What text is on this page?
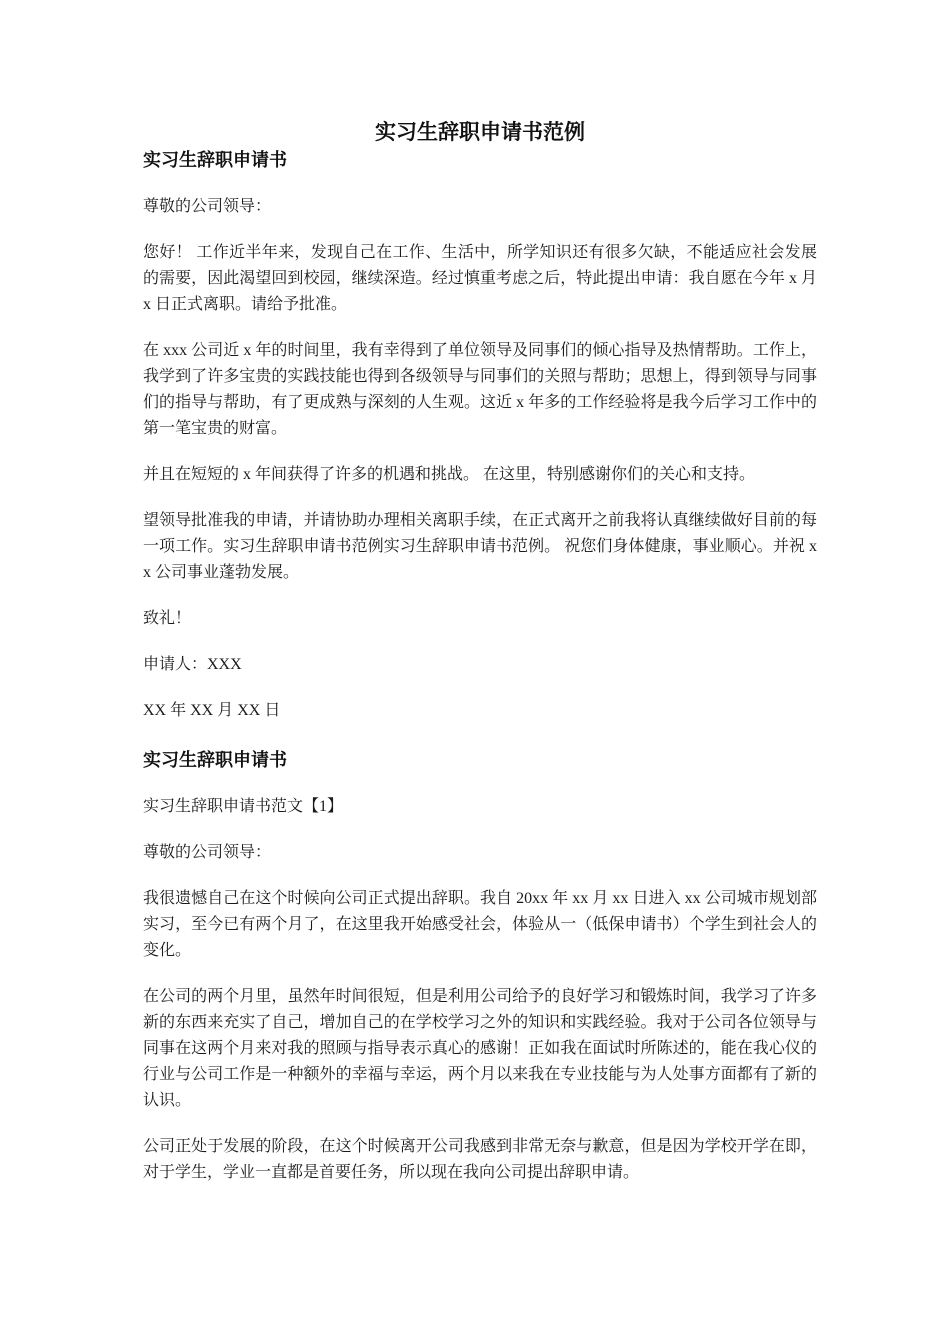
实习生辞职申请书范例
实习生辞职申请书

尊敬的公司领导：

您好！ 工作近半年来，发现自己在工作、生活中，所学知识还有很多欠缺，不能适应社会发展的需要，因此渴望回到校园，继续深造。经过慎重考虑之后，特此提出申请：我自愿在今年 x 月 x 日正式离职。请给予批准。

在 xxx 公司近 x 年的时间里，我有幸得到了单位领导及同事们的倾心指导及热情帮助。工作上，我学到了许多宝贵的实践技能也得到各级领导与同事们的关照与帮助；思想上，得到领导与同事们的指导与帮助，有了更成熟与深刻的人生观。这近 x 年多的工作经验将是我今后学习工作中的第一笔宝贵的财富。

并且在短短的 x 年间获得了许多的机遇和挑战。 在这里，特别感谢你们的关心和支持。

望领导批准我的申请，并请协助办理相关离职手续，在正式离开之前我将认真继续做好目前的每一项工作。实习生辞职申请书范例实习生辞职申请书范例。 祝您们身体健康，事业顺心。并祝 xx 公司事业蓬勃发展。

致礼！

申请人：XXX

XX 年 XX 月 XX 日

实习生辞职申请书

实习生辞职申请书范文【1】

尊敬的公司领导：

我很遗憾自己在这个时候向公司正式提出辞职。我自 20xx 年 xx 月 xx 日进入 xx 公司城市规划部实习，至今已有两个月了，在这里我开始感受社会，体验从一（低保申请书）个学生到社会人的变化。

在公司的两个月里，虽然年时间很短，但是利用公司给予的良好学习和锻炼时间，我学习了许多新的东西来充实了自己，增加自己的在学校学习之外的知识和实践经验。我对于公司各位领导与同事在这两个月来对我的照顾与指导表示真心的感谢！正如我在面试时所陈述的，能在我心仪的行业与公司工作是一种额外的幸福与幸运，两个月以来我在专业技能与为人处事方面都有了新的认识。

公司正处于发展的阶段，在这个时候离开公司我感到非常无奈与歉意，但是因为学校开学在即，对于学生，学业一直都是首要任务，所以现在我向公司提出辞职申请。
